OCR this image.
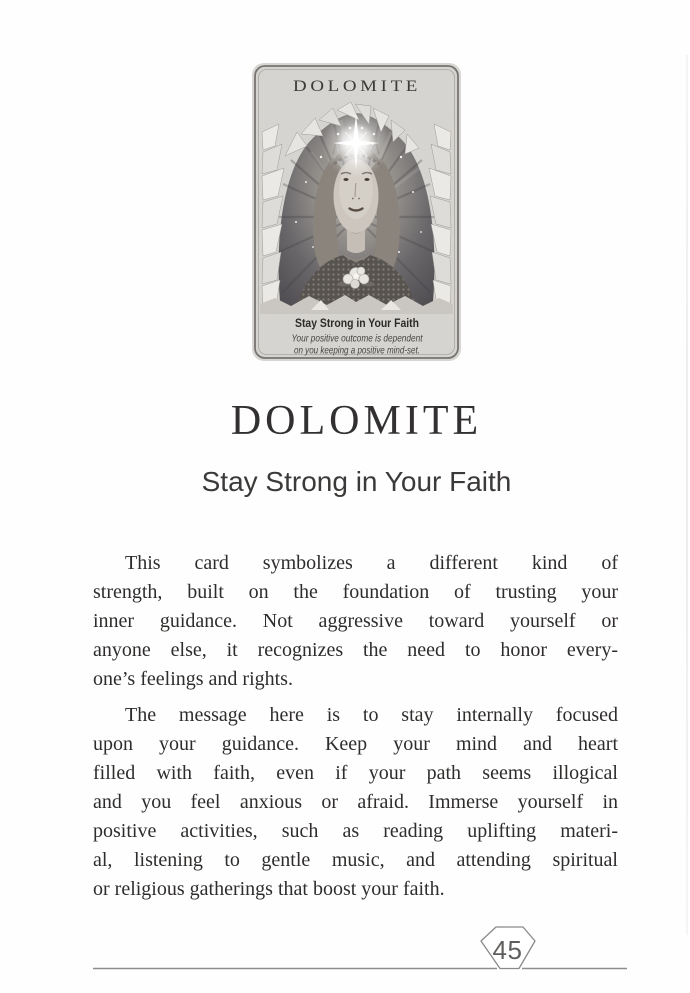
DOLOMITE
Stay Strong in Your Faith
Your positive outcome is dependent
on you keeping a positive mind-set.
DOLOMITE
Stay Strong in Your Faith
This card symbolizes a different kind of
strength, built on the foundation of trusting your
inner guidance. Not aggressive toward yourself or
anyone else, it recognizes the need to honor every-
one’s feelings and rights.
The message here is to stay internally focused
upon your guidance. Keep your mind and heart
filled with faith, even if your path seems illogical
and you feel anxious or afraid. Immerse yourself in
positive activities, such as reading uplifting materi-
al, listening to gentle music, and attending spiritual
or religious gatherings that boost your faith.
45
